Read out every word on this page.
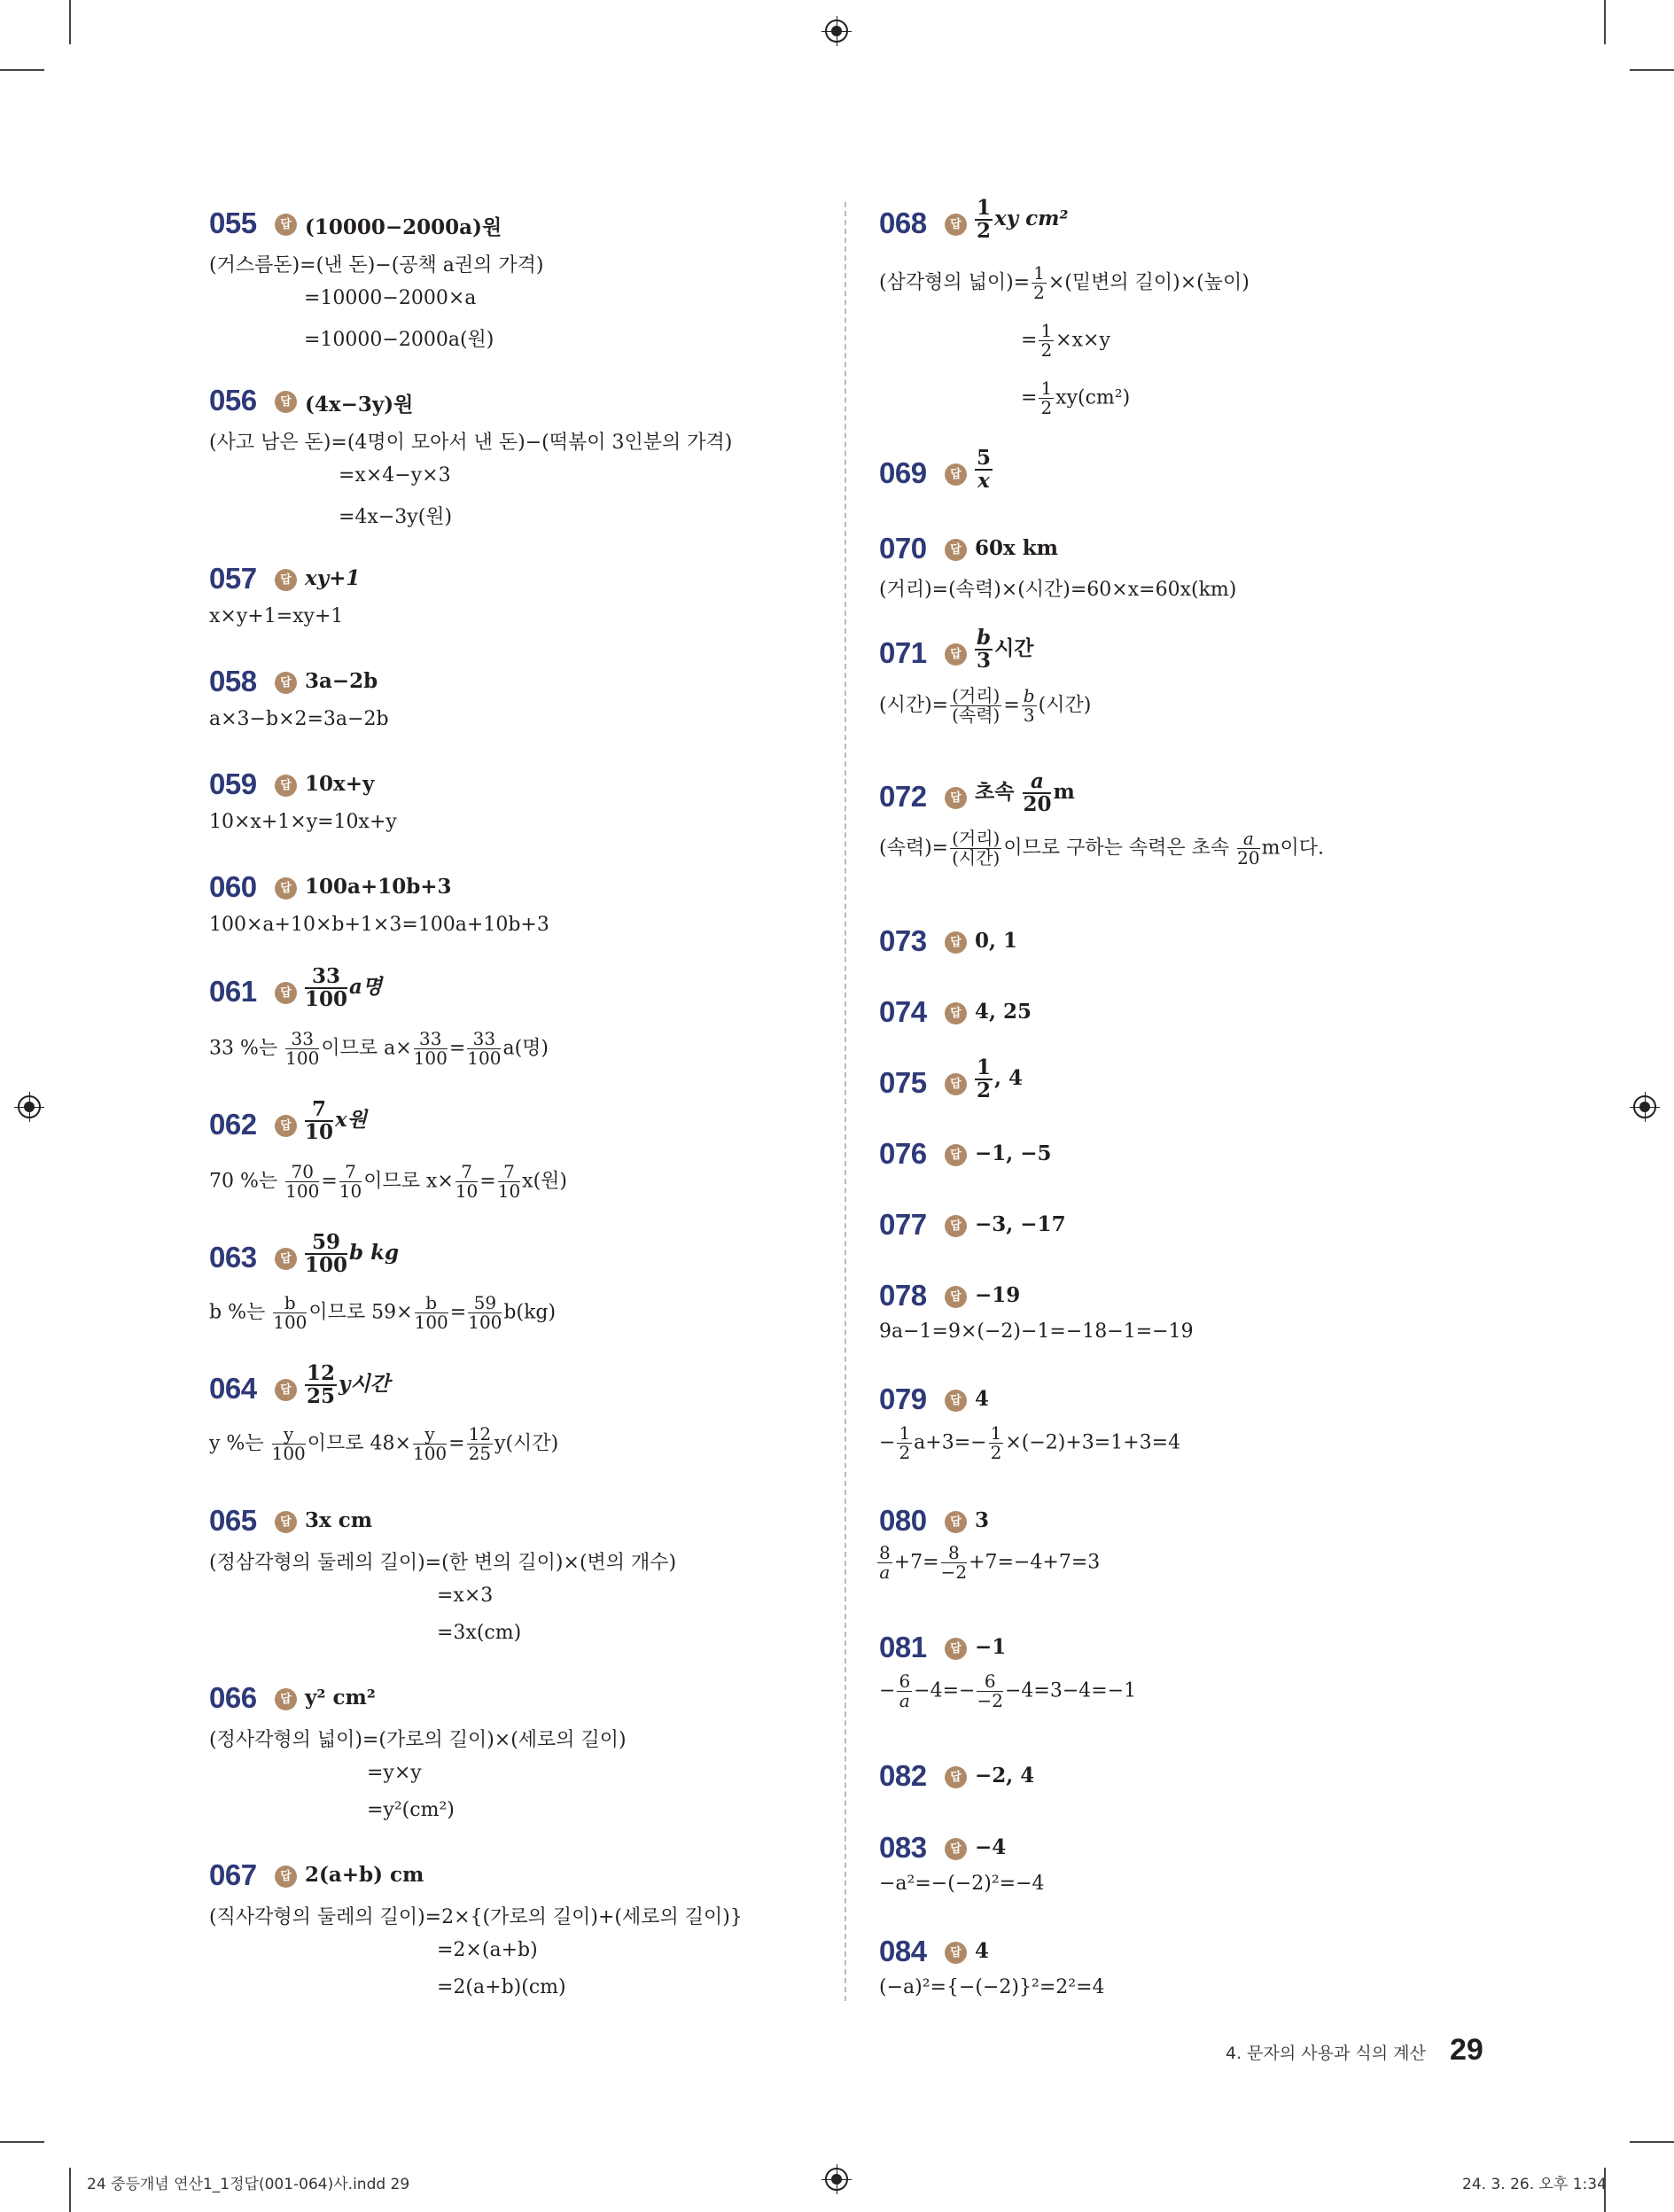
055	답 (10000−2000a)원
(거스름돈)=(낸 돈)−(공책 a권의 가격)
=10000−2000×a
=10000−2000a(원)
056	답 (4x−3y)원
(사고 남은 돈)=(4명이 모아서 낸 돈)−(떡볶이 3인분의 가격)
=x×4−y×3
=4x−3y(원)
057	답 xy+1
x×y+1=xy+1
058	답 3a−2b
a×3−b×2=3a−2b
059	답 10x+y
10×x+1×y=10x+y
060	답 100a+10b+3
100×a+10×b+1×3=100a+10b+3
061	답 $\frac{33}{100}$ a명
33 %는 $\frac{33}{100}$ 이므로 $a\times \frac{33}{100} = \frac{33}{100} a$(명)
062	답 $\frac{7}{10}$ x원
70 %는 $\frac{70}{100} = \frac{7}{10}$ 이므로 $x\times \frac{7}{10} = \frac{7}{10} x$(원)
063	답 $\frac{59}{100}$ b kg
b %는 $\frac{b}{100}$ 이므로 $59\times \frac{b}{100} = \frac{59}{100} b(kg)$
064	답 $\frac{12}{25}$ y시간
y %는 $\frac{y}{100}$ 이므로 $48\times \frac{y}{100} = \frac{12}{25} y$(시간)
065	답 3x cm
(정삼각형의 둘레의 길이)=(한 변의 길이)×(변의 개수)
=x×3
=3x(cm)
066	답 y² cm²
(정사각형의 넓이)=(가로의 길이)×(세로의 길이)
=y×y
=y²(cm²)
067	답 2(a+b) cm
(직사각형의 둘레의 길이)=2×{(가로의 길이)+(세로의 길이)}
=2×(a+b)
=2(a+b)(cm)
068	답 $\frac{1}{2}$ xy cm²
(삼각형의 넓이)= $\frac{1}{2}$ ×(밑변의 길이)×(높이)
= $\frac{1}{2} \times x\times y$
= $\frac{1}{2} xy(cm^2)$
069	답 $\frac{5}{x}$
070	답 60x km
(거리)=(속력)×(시간)=60×x=60x(km)
071	답 $\frac{b}{3}$ 시간
(시간)= $\frac{\text{(거리)}}{\text{(속력)}} = \frac{b}{3}$ (시간)
072	답 초속 $\frac{a}{20}$ m
(속력)= $\frac{\text{(거리)}}{\text{(시간)}}$ 이므로 구하는 속력은 초속 $\frac{a}{20}$ m이다.
073	답 0, 1
074	답 4, 25
075	답 $\frac{1}{2}$ , 4
076	답 −1, −5
077	답 −3, −17
078	답 −19
9a−1=9×(−2)−1=−18−1=−19
079	답 4
− $\frac{1}{2} a+3=- \frac{1}{2} \times(-2)+3=1+3=4$
080	답 3
$\frac{8}{a} +7= \frac{8}{-2} +7=-4+7=3$
081	답 −1
− $\frac{6}{a} -4=- \frac{6}{-2} -4=3-4=-1$
082	답 −2, 4
083	답 −4
−a²=−(−2)²=−4
084	답 4
(−a)²={−(−2)}²=2²=4
4. 문자의 사용과 식의 계산 29
24 중등개념 연산1_1정답(001-064)사.indd 29	24. 3. 26. 오후 1:34
